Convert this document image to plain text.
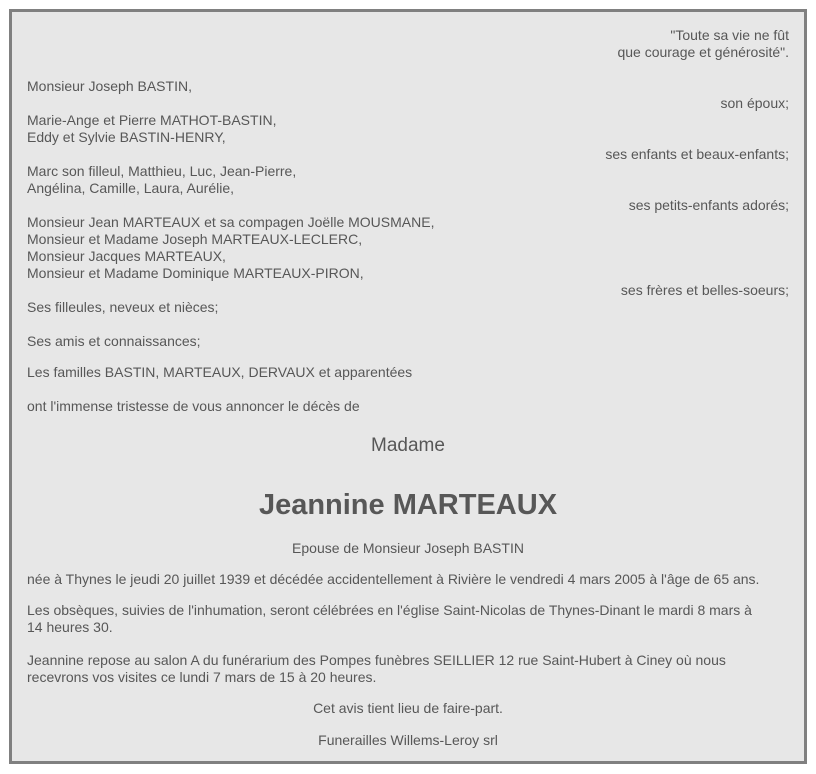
"Toute sa vie ne fût
que courage et générosité".
Monsieur Joseph BASTIN,
son époux;
Marie-Ange et Pierre MATHOT-BASTIN,
Eddy et Sylvie BASTIN-HENRY,
ses enfants et beaux-enfants;
Marc son filleul, Matthieu, Luc, Jean-Pierre,
Angélina, Camille, Laura, Aurélie,
ses petits-enfants adorés;
Monsieur Jean MARTEAUX et sa compagen Joëlle MOUSMANE,
Monsieur et Madame Joseph MARTEAUX-LECLERC,
Monsieur Jacques MARTEAUX,
Monsieur et Madame Dominique MARTEAUX-PIRON,
ses frères et belles-soeurs;
Ses filleules, neveux et nièces;
Ses amis et connaissances;
Les familles BASTIN, MARTEAUX, DERVAUX et apparentées
ont l'immense tristesse de vous annoncer le décès de
Madame
Jeannine MARTEAUX
Epouse de Monsieur Joseph BASTIN
née à Thynes le jeudi 20 juillet 1939 et décédée accidentellement à Rivière le vendredi 4 mars 2005 à l'âge de 65 ans.
Les obsèques, suivies de l'inhumation, seront célébrées en l'église Saint-Nicolas de Thynes-Dinant le mardi 8 mars à
14 heures 30.
Jeannine repose au salon A du funérarium des Pompes funèbres SEILLIER 12 rue Saint-Hubert à Ciney où nous
recevrons vos visites ce lundi 7 mars de 15 à 20 heures.
Cet avis tient lieu de faire-part.
Funerailles Willems-Leroy srl
